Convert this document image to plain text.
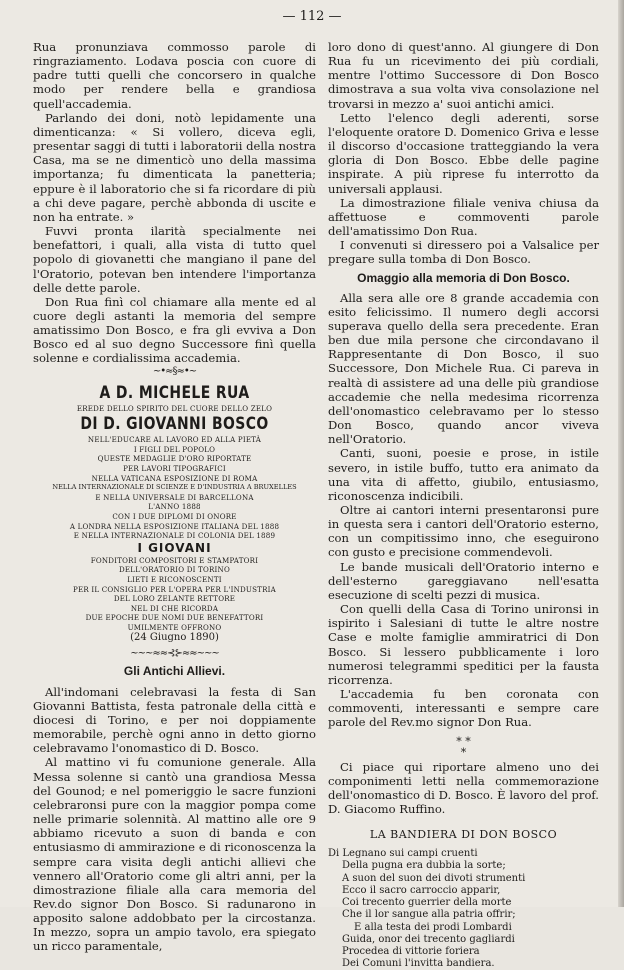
— 112 —

Rua pronunziava commosso parole di ringraziamento. Lodava poscia con cuore di padre tutti quelli che concorsero in qualche modo per rendere bella e grandiosa quell'accademia.

Parlando dei doni, notò lepidamente una dimenticanza: « Si vollero, diceva egli, presentar saggi di tutti i laboratorii della nostra Casa, ma se ne dimenticò uno della massima importanza; fu dimenticata la panetteria; eppure è il laboratorio che si fa ricordare di più a chi deve pagare, perchè abbonda di uscite e non ha entrate. »

Fuvvi pronta ilarità specialmente nei benefattori, i quali, alla vista di tutto quel popolo di giovanetti che mangiano il pane del l'Oratorio, potevan ben intendere l'importanza delle dette parole.

Don Rua finì col chiamare alla mente ed al cuore degli astanti la memoria del sempre amatissimo Don Bosco, e fra gli evviva a Don Bosco ed al suo degno Successore finì quella solenne e cordialissima accademia.

~•≈§≈•~
A D. MICHELE RUA
EREDE DELLO SPIRITO DEL CUORE DELLO ZELO
DI D. GIOVANNI BOSCO
NELL'EDUCARE AL LAVORO ED ALLA PIETÀ
I FIGLI DEL POPOLO
QUESTE MEDAGLIE D'ORO RIPORTATE
PER LAVORI TIPOGRAFICI
NELLA VATICANA ESPOSIZIONE DI ROMA
NELLA INTERNAZIONALE DI SCIENZE E D'INDUSTRIA A BRUXELLES
E NELLA UNIVERSALE DI BARCELLONA
L'ANNO 1888
CON I DUE DIPLOMI DI ONORE
A LONDRA NELLA ESPOSIZIONE ITALIANA DEL 1888
E NELLA INTERNAZIONALE DI COLONIA DEL 1889
I GIOVANI
FONDITORI COMPOSITORI E STAMPATORI
DELL'ORATORIO DI TORINO
LIETI E RICONOSCENTI
PER IL CONSIGLIO PER L'OPERA PER L'INDUSTRIA
DEL LORO ZELANTE RETTORE
NEL DI CHE RICORDA
DUE EPOCHE DUE NOMI DUE BENEFATTORI
UMILMENTE OFFRONO
(24 Giugno 1890)
~~~≈≈⊰⊱≈≈~~~
Gli Antichi Allievi.

All'indomani celebravasi la festa di San Giovanni Battista, festa patronale della città e diocesi di Torino, e per noi doppiamente memorabile, perchè ogni anno in detto giorno celebravamo l'onomastico di D. Bosco.

Al mattino vi fu comunione generale. Alla Messa solenne si cantò una grandiosa Messa del Gounod; e nel pomeriggio le sacre funzioni celebraronsi pure con la maggior pompa come nelle primarie solennità. Al mattino alle ore 9 abbiamo ricevuto a suon di banda e con entusiasmo di ammirazione e di riconoscenza la sempre cara visita degli antichi allievi che vennero all'Oratorio come gli altri anni, per la dimostrazione filiale alla cara memoria del Rev.do signor Don Bosco. Si radunarono in apposito salone addobbato per la circostanza. In mezzo, sopra un ampio tavolo, era spiegato un ricco paramentale,

loro dono di quest'anno. Al giungere di Don Rua fu un ricevimento dei più cordiali, mentre l'ottimo Successore di Don Bosco dimostrava a sua volta viva consolazione nel trovarsi in mezzo a' suoi antichi amici.

Letto l'elenco degli aderenti, sorse l'eloquente oratore D. Domenico Griva e lesse il discorso d'occasione tratteggiando la vera gloria di Don Bosco. Ebbe delle pagine inspirate. A più riprese fu interrotto da universali applausi.

La dimostrazione filiale veniva chiusa da affettuose e commoventi parole dell'amatissimo Don Rua.

I convenuti si diressero poi a Valsalice per pregare sulla tomba di Don Bosco.

Omaggio alla memoria di Don Bosco.

Alla sera alle ore 8 grande accademia con esito felicissimo. Il numero degli accorsi superava quello della sera precedente. Eran ben due mila persone che circondavano il Rappresentante di Don Bosco, il suo Successore, Don Michele Rua. Ci pareva in realtà di assistere ad una delle più grandiose accademie che nella medesima ricorrenza dell'onomastico celebravamo per lo stesso Don Bosco, quando ancor viveva nell'Oratorio.

Canti, suoni, poesie e prose, in istile severo, in istile buffo, tutto era animato da una vita di affetto, giubilo, entusiasmo, riconoscenza indicibili.

Oltre ai cantori interni presentaronsi pure in questa sera i cantori dell'Oratorio esterno, con un compitissimo inno, che eseguirono con gusto e precisione commendevoli.

Le bande musicali dell'Oratorio interno e dell'esterno gareggiavano nell'esatta esecuzione di scelti pezzi di musica.

Con quelli della Casa di Torino unironsi in ispirito i Salesiani di tutte le altre nostre Case e molte famiglie ammiratrici di Don Bosco. Si lessero pubblicamente i loro numerosi telegrammi speditici per la fausta ricorrenza.

L'accademia fu ben coronata con commoventi, interessanti e sempre care parole del Rev.mo signor Don Rua.

* *
*

Ci piace qui riportare almeno uno dei componimenti letti nella commemorazione dell'onomastico di D. Bosco. È lavoro del prof. D. Giacomo Ruffino.

LA BANDIERA DI DON BOSCO
Di Legnano sui campi cruenti
Della pugna era dubbia la sorte;
A suon del suon dei divoti strumenti
Ecco il sacro carroccio apparir,
Coi trecento guerrier della morte
Che il lor sangue alla patria offrir;
E alla testa dei prodi Lombardi
Guida, onor dei trecento gagliardi
Procedea di vittorie foriera
Dei Comuni l'invitta bandiera.
